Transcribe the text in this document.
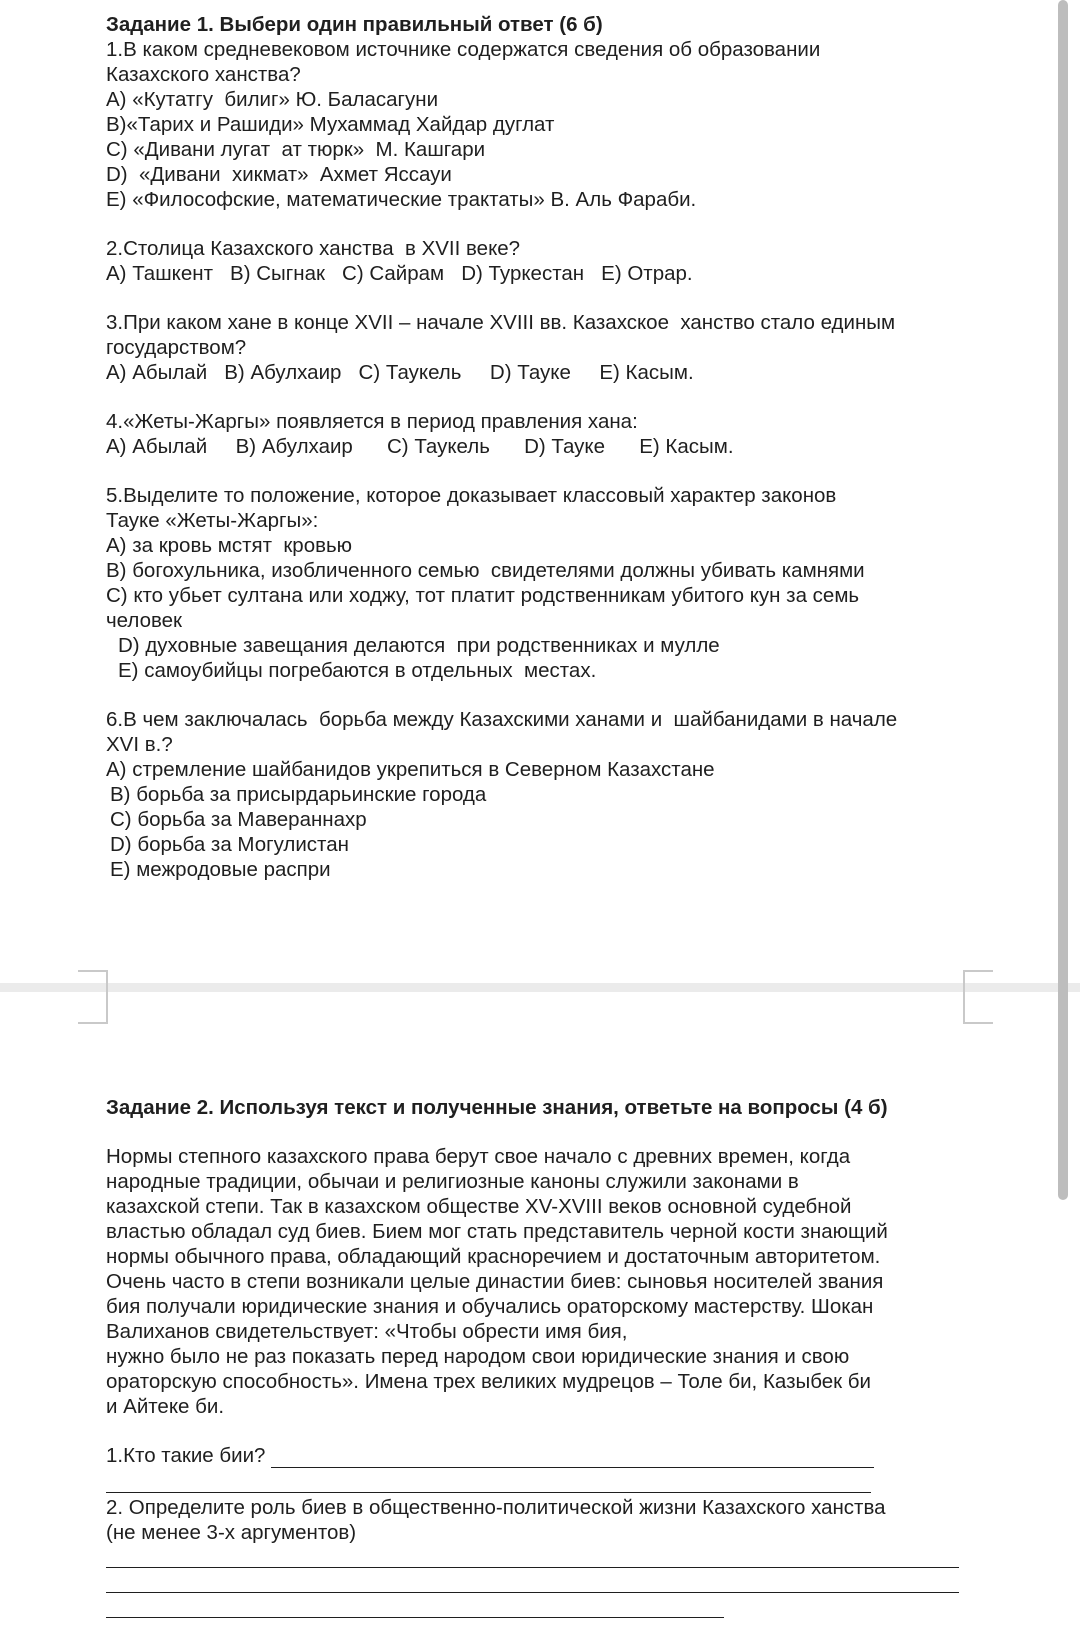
Задание 1. Выбери один правильный ответ (6 б)
1.В каком средневековом источнике содержатся сведения об образовании
Казахского ханства?
А) «Кутатгу  билиг» Ю. Баласагуни
В)«Тарих и Рашиди» Мухаммад Хайдар дуглат
С) «Дивани лугат  ат тюрк»  М. Кашгари
D)  «Дивани  хикмат»  Ахмет Яссауи
Е) «Философские, математические трактаты» В. Аль Фараби.
2.Столица Казахского ханства  в XVII веке?
А) Ташкент   В) Сыгнак   С) Сайрам   D) Туркестан   Е) Отрар.
3.При каком хане в конце XVII – начале XVIII вв. Казахское  ханство стало единым
государством?
А) Абылай   В) Абулхаир   С) Таукель     D) Тауке     Е) Касым.
4.«Жеты-Жаргы» появляется в период правления хана:
А) Абылай     В) Абулхаир      С) Таукель      D) Тауке      Е) Касым.
5.Выделите то положение, которое доказывает классовый характер законов
Тауке «Жеты-Жаргы»:
А) за кровь мстят  кровью
В) богохульника, изобличенного семью  свидетелями должны убивать камнями
С) кто убьет султана или ходжу, тот платит родственникам убитого кун за семь
человек
D) духовные завещания делаются  при родственниках и мулле
Е) самоубийцы погребаются в отдельных  местах.
6.В чем заключалась  борьба между Казахскими ханами и  шайбанидами в начале
XVI в.?
А) стремление шайбанидов укрепиться в Северном Казахстане
В) борьба за присырдарьинские города
С) борьба за Мавераннахр
D) борьба за Могулистан
Е) межродовые распри
Задание 2. Используя текст и полученные знания, ответьте на вопросы (4 б)
Нормы степного казахского права берут свое начало с древних времен, когда
народные традиции, обычаи и религиозные каноны служили законами в
казахской степи. Так в казахском обществе XV-XVIII веков основной судебной
властью обладал суд биев. Бием мог стать представитель черной кости знающий
нормы обычного права, обладающий красноречием и достаточным авторитетом.
Очень часто в степи возникали целые династии биев: сыновья носителей звания
бия получали юридические знания и обучались ораторскому мастерству. Шокан
Валиханов свидетельствует: «Чтобы обрести имя бия,
нужно было не раз показать перед народом свои юридические знания и свою
ораторскую способность». Имена трех великих мудрецов – Толе би, Казыбек би
и Айтеке би.
1.Кто такие бии?
2. Определите роль биев в общественно-политической жизни Казахского ханства
(не менее 3-х аргументов)
